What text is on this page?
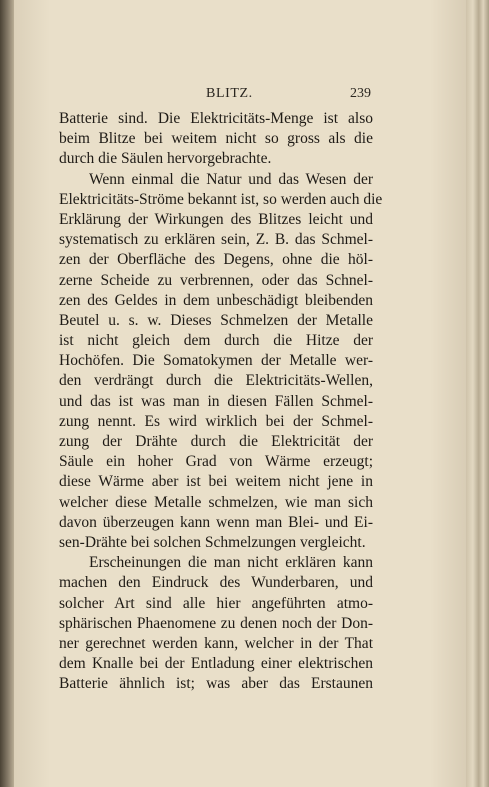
BLITZ.	239
Batterie sind. Die Elektricitäts-Menge ist also
beim Blitze bei weitem nicht so gross als die
durch die Säulen hervorgebrachte.
Wenn einmal die Natur und das Wesen der
Elektricitäts-Ströme bekannt ist, so werden auch die
Erklärung der Wirkungen des Blitzes leicht und
systematisch zu erklären sein, Z. B. das Schmel-
zen der Oberfläche des Degens, ohne die höl-
zerne Scheide zu verbrennen, oder das Schnel-
zen des Geldes in dem unbeschädigt bleibenden
Beutel u. s. w. Dieses Schmelzen der Metalle
ist nicht gleich dem durch die Hitze der
Hochöfen. Die Somatokymen der Metalle wer-
den verdrängt durch die Elektricitäts-Wellen,
und das ist was man in diesen Fällen Schmel-
zung nennt. Es wird wirklich bei der Schmel-
zung der Drähte durch die Elektricität der
Säule ein hoher Grad von Wärme erzeugt;
diese Wärme aber ist bei weitem nicht jene in
welcher diese Metalle schmelzen, wie man sich
davon überzeugen kann wenn man Blei- und Ei-
sen-Drähte bei solchen Schmelzungen vergleicht.
Erscheinungen die man nicht erklären kann
machen den Eindruck des Wunderbaren, und
solcher Art sind alle hier angeführten atmo-
sphärischen Phaenomene zu denen noch der Don-
ner gerechnet werden kann, welcher in der That
dem Knalle bei der Entladung einer elektrischen
Batterie ähnlich ist; was aber das Erstaunen
